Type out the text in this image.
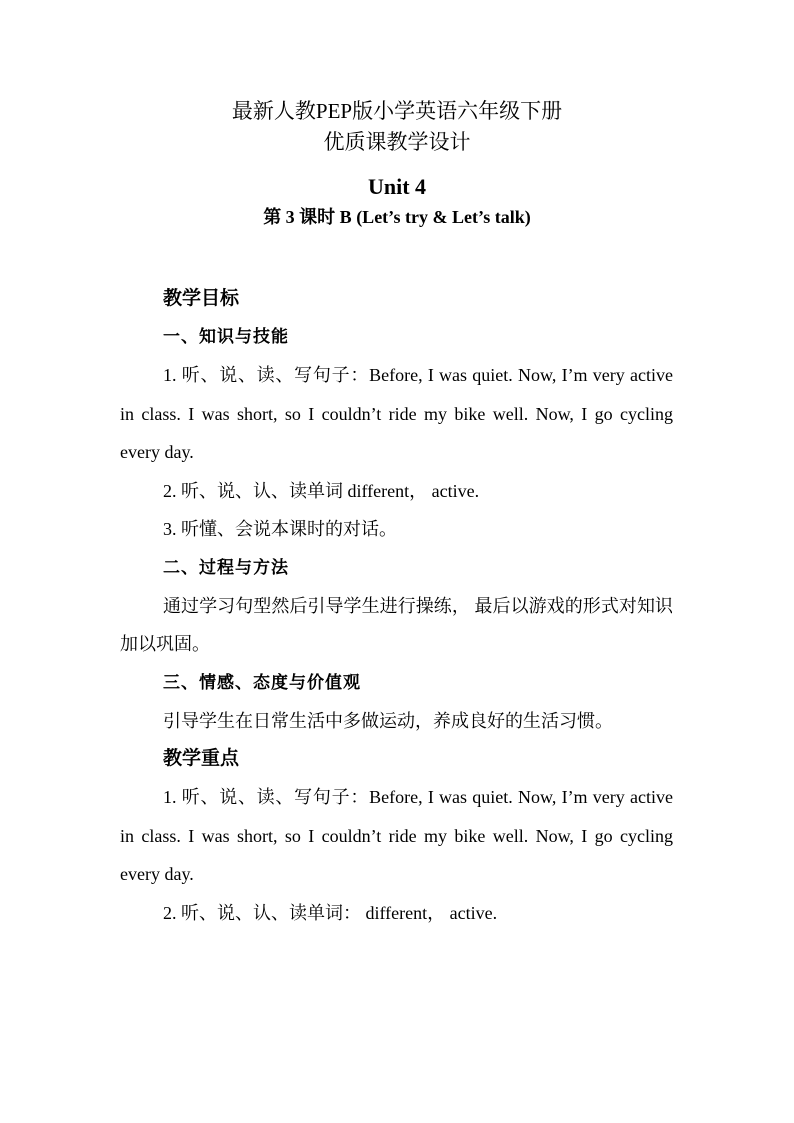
最新人教PEP版小学英语六年级下册
优质课教学设计
Unit 4
第 3 课时 B (Let’s try & Let’s talk)

教学目标

一、知识与技能

1. 听、说、读、写句子：Before, I was quiet. Now, I’m very active in class. I was short, so I couldn’t ride my bike well. Now, I go cycling every day.

2. 听、说、认、读单词 different， active.

3. 听懂、会说本课时的对话。

二、过程与方法

通过学习句型然后引导学生进行操练， 最后以游戏的形式对知识加以巩固。

三、情感、态度与价值观

引导学生在日常生活中多做运动，养成良好的生活习惯。

教学重点

1. 听、说、读、写句子：Before, I was quiet. Now, I’m very active in class. I was short, so I couldn’t ride my bike well. Now, I go cycling every day.

2. 听、说、认、读单词： different， active.
